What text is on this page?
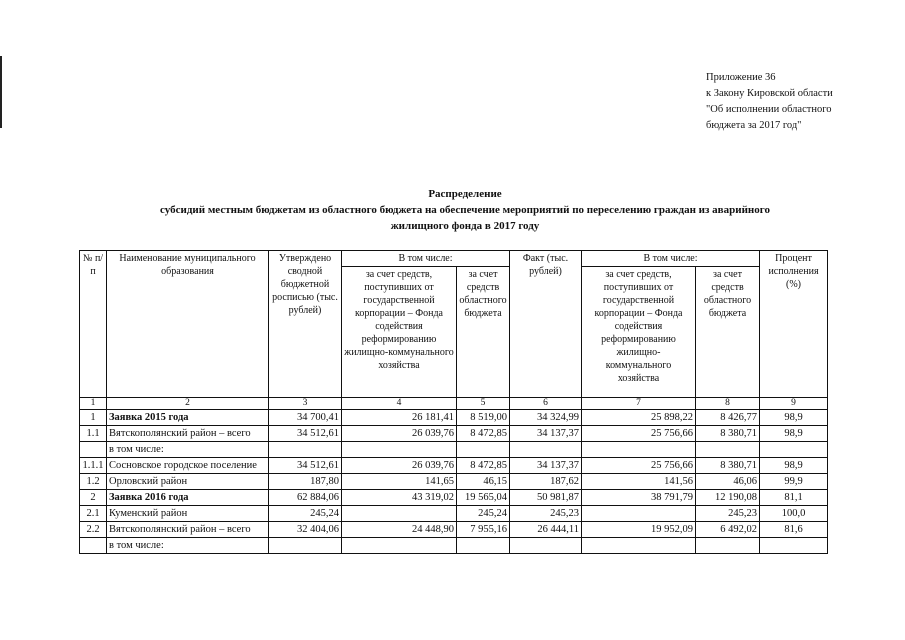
Приложение 36
к Закону Кировской области
"Об исполнении областного
бюджета за 2017 год"
Распределение
субсидий местным бюджетам из областного бюджета на обеспечение мероприятий по переселению граждан из аварийного
жилищного фонда в 2017 году
№ п/п	Наименование муниципального образования	Утверждено сводной бюджетной росписью (тыс. рублей)	В том числе:		Факт (тыс. рублей)	В том числе:		Процент исполнения (%)
			за счет средств, поступивших от государственной корпорации – Фонда содействия реформированию жилищно-коммунального хозяйства	за счет средств областного бюджета		за счет средств, поступивших от государственной корпорации – Фонда содействия реформированию жилищно-коммунального хозяйства	за счет средств областного бюджета	
1	2	3	4	5	6	7	8	9
1	Заявка 2015 года	34 700,41	26 181,41	8 519,00	34 324,99	25 898,22	8 426,77	98,9
1.1	Вятскополянский район – всего	34 512,61	26 039,76	8 472,85	34 137,37	25 756,66	8 380,71	98,9
	в том числе:							
1.1.1	Сосновское городское поселение	34 512,61	26 039,76	8 472,85	34 137,37	25 756,66	8 380,71	98,9
1.2	Орловский район	187,80	141,65	46,15	187,62	141,56	46,06	99,9
2	Заявка 2016 года	62 884,06	43 319,02	19 565,04	50 981,87	38 791,79	12 190,08	81,1
2.1	Куменский район	245,24		245,24	245,23		245,23	100,0
2.2	Вятскополянский район – всего	32 404,06	24 448,90	7 955,16	26 444,11	19 952,09	6 492,02	81,6
	в том числе:							
